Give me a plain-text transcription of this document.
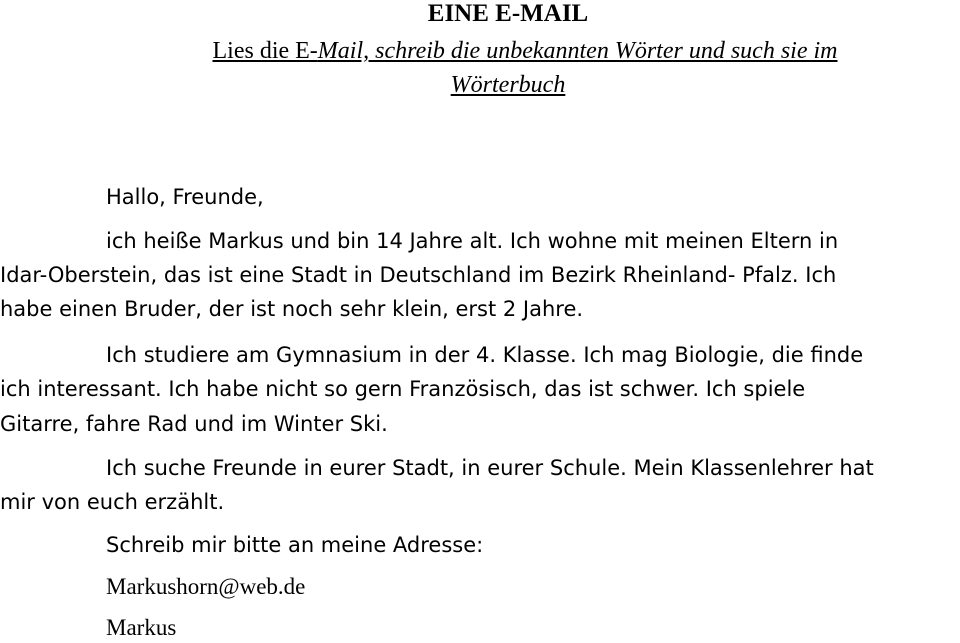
EINE E-MAIL
Lies die E-Mail, schreib die unbekannten Wörter und such sie im
Wörterbuch
Hallo, Freunde,
ich heiße Markus und bin 14 Jahre alt. Ich wohne mit meinen Eltern in
Idar-Oberstein, das ist eine Stadt in Deutschland im Bezirk Rheinland- Pfalz. Ich
habe einen Bruder, der ist noch sehr klein, erst 2 Jahre.
Ich studiere am Gymnasium in der 4. Klasse. Ich mag Biologie, die finde
ich interessant. Ich habe nicht so gern Französisch, das ist schwer. Ich spiele
Gitarre, fahre Rad und im Winter Ski.
Ich suche Freunde in eurer Stadt, in eurer Schule. Mein Klassenlehrer hat
mir von euch erzählt.
Schreib mir bitte an meine Adresse:
Markushorn@web.de
Markus
